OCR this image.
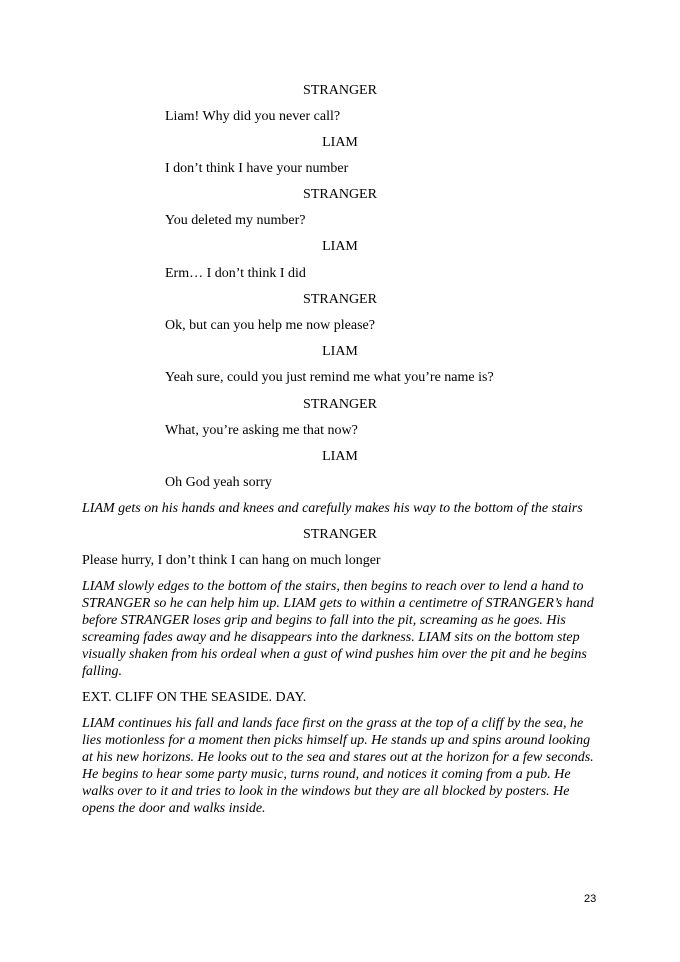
STRANGER
Liam! Why did you never call?
LIAM
I don’t think I have your number
STRANGER
You deleted my number?
LIAM
Erm… I don’t think I did
STRANGER
Ok, but can you help me now please?
LIAM
Yeah sure, could you just remind me what you’re name is?
STRANGER
What, you’re asking me that now?
LIAM
Oh God yeah sorry
LIAM gets on his hands and knees and carefully makes his way to the bottom of the stairs
STRANGER
Please hurry, I don’t think I can hang on much longer
LIAM slowly edges to the bottom of the stairs, then begins to reach over to lend a hand to STRANGER so he can help him up. LIAM gets to within a centimetre of STRANGER’s hand before STRANGER loses grip and begins to fall into the pit, screaming as he goes. His screaming fades away and he disappears into the darkness. LIAM sits on the bottom step visually shaken from his ordeal when a gust of wind pushes him over the pit and he begins falling.
EXT. CLIFF ON THE SEASIDE. DAY.
LIAM continues his fall and lands face first on the grass at the top of a cliff by the sea, he lies motionless for a moment then picks himself up. He stands up and spins around looking at his new horizons. He looks out to the sea and stares out at the horizon for a few seconds. He begins to hear some party music, turns round, and notices it coming from a pub. He walks over to it and tries to look in the windows but they are all blocked by posters. He opens the door and walks inside.
23
